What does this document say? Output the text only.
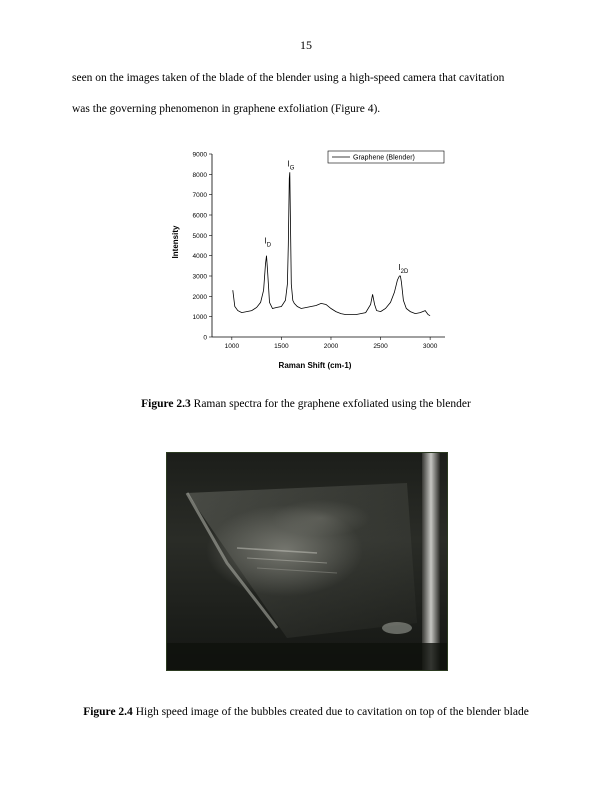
15

seen on the images taken of the blade of the blender using a high-speed camera that cavitation

was the governing phenomenon in graphene exfoliation (Figure 4).

0
1000
2000
3000
4000
5000
6000
7000
8000
9000
1000	1500	2000	2500	3000
$I_D$
$I_G$
$I_{2D}$
Graphene (Blender)
Raman Shift (cm-1)
Intensity
Figure 2.3 Raman spectra for the graphene exfoliated using the blender
Figure 2.4 High speed image of the bubbles created due to cavitation on top of the blender blade
